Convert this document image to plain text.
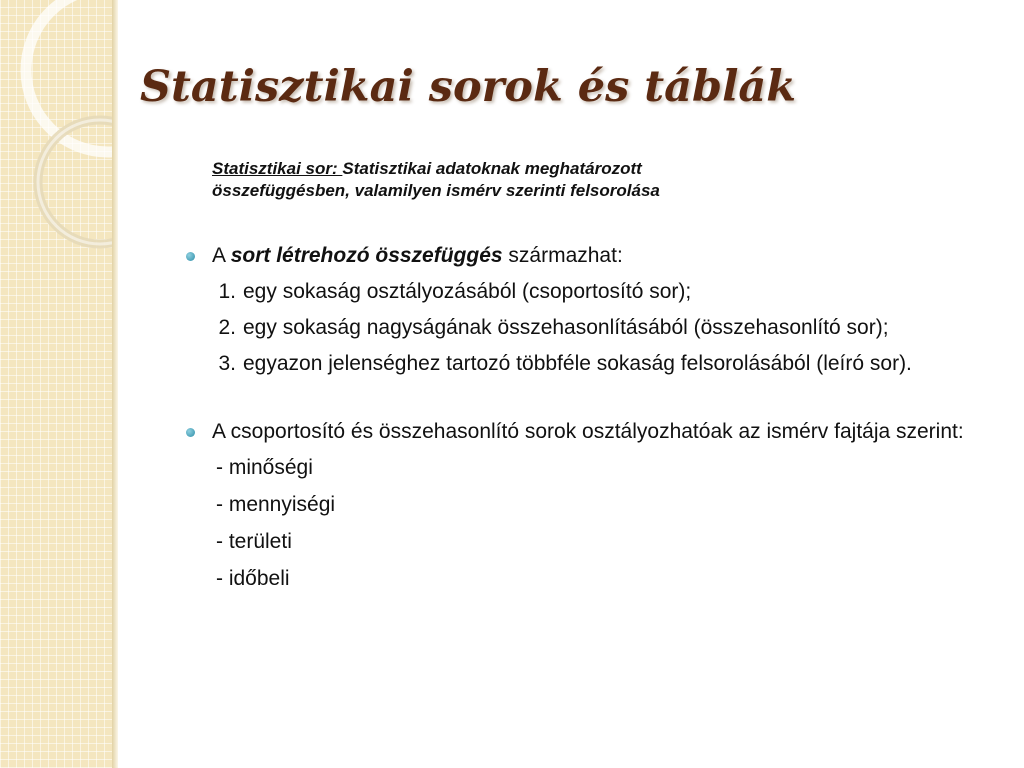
Statisztikai sorok és táblák
Statisztikai sor: Statisztikai adatoknak meghatározott
összefüggésben, valamilyen ismérv szerinti felsorolása
A sort létrehozó összefüggés származhat:
1. egy sokaság osztályozásából (csoportosító sor);
2. egy sokaság nagyságának összehasonlításából (összehasonlító sor);
3. egyazon jelenséghez tartozó többféle sokaság felsorolásából (leíró sor).
A csoportosító és összehasonlító sorok osztályozhatóak az ismérv fajtája szerint:
- minőségi
- mennyiségi
- területi
- időbeli
